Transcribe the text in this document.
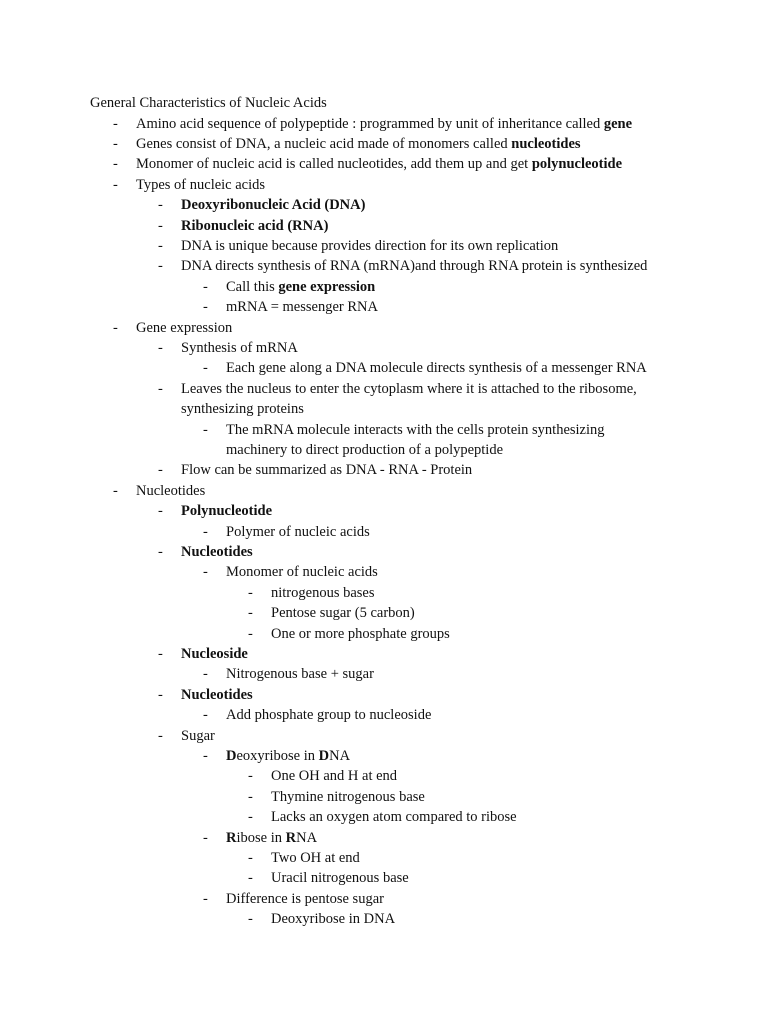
General Characteristics of Nucleic Acids
- Amino acid sequence of polypeptide : programmed by unit of inheritance called gene
- Genes consist of DNA, a nucleic acid made of monomers called nucleotides
- Monomer of nucleic acid is called nucleotides, add them up and get polynucleotide
- Types of nucleic acids
- Deoxyribonucleic Acid (DNA)
- Ribonucleic acid (RNA)
- DNA is unique because provides direction for its own replication
- DNA directs synthesis of RNA (mRNA)and through RNA protein is synthesized
- Call this gene expression
- mRNA = messenger RNA
- Gene expression
- Synthesis of mRNA
- Each gene along a DNA molecule directs synthesis of a messenger RNA
- Leaves the nucleus to enter the cytoplasm where it is attached to the ribosome,
synthesizing proteins
- The mRNA molecule interacts with the cells protein synthesizing
machinery to direct production of a polypeptide
- Flow can be summarized as DNA - RNA - Protein
- Nucleotides
- Polynucleotide
- Polymer of nucleic acids
- Nucleotides
- Monomer of nucleic acids
- nitrogenous bases
- Pentose sugar (5 carbon)
- One or more phosphate groups
- Nucleoside
- Nitrogenous base + sugar
- Nucleotides
- Add phosphate group to nucleoside
- Sugar
- Deoxyribose in DNA
- One OH and H at end
- Thymine nitrogenous base
- Lacks an oxygen atom compared to ribose
- Ribose in RNA
- Two OH at end
- Uracil nitrogenous base
- Difference is pentose sugar
- Deoxyribose in DNA
